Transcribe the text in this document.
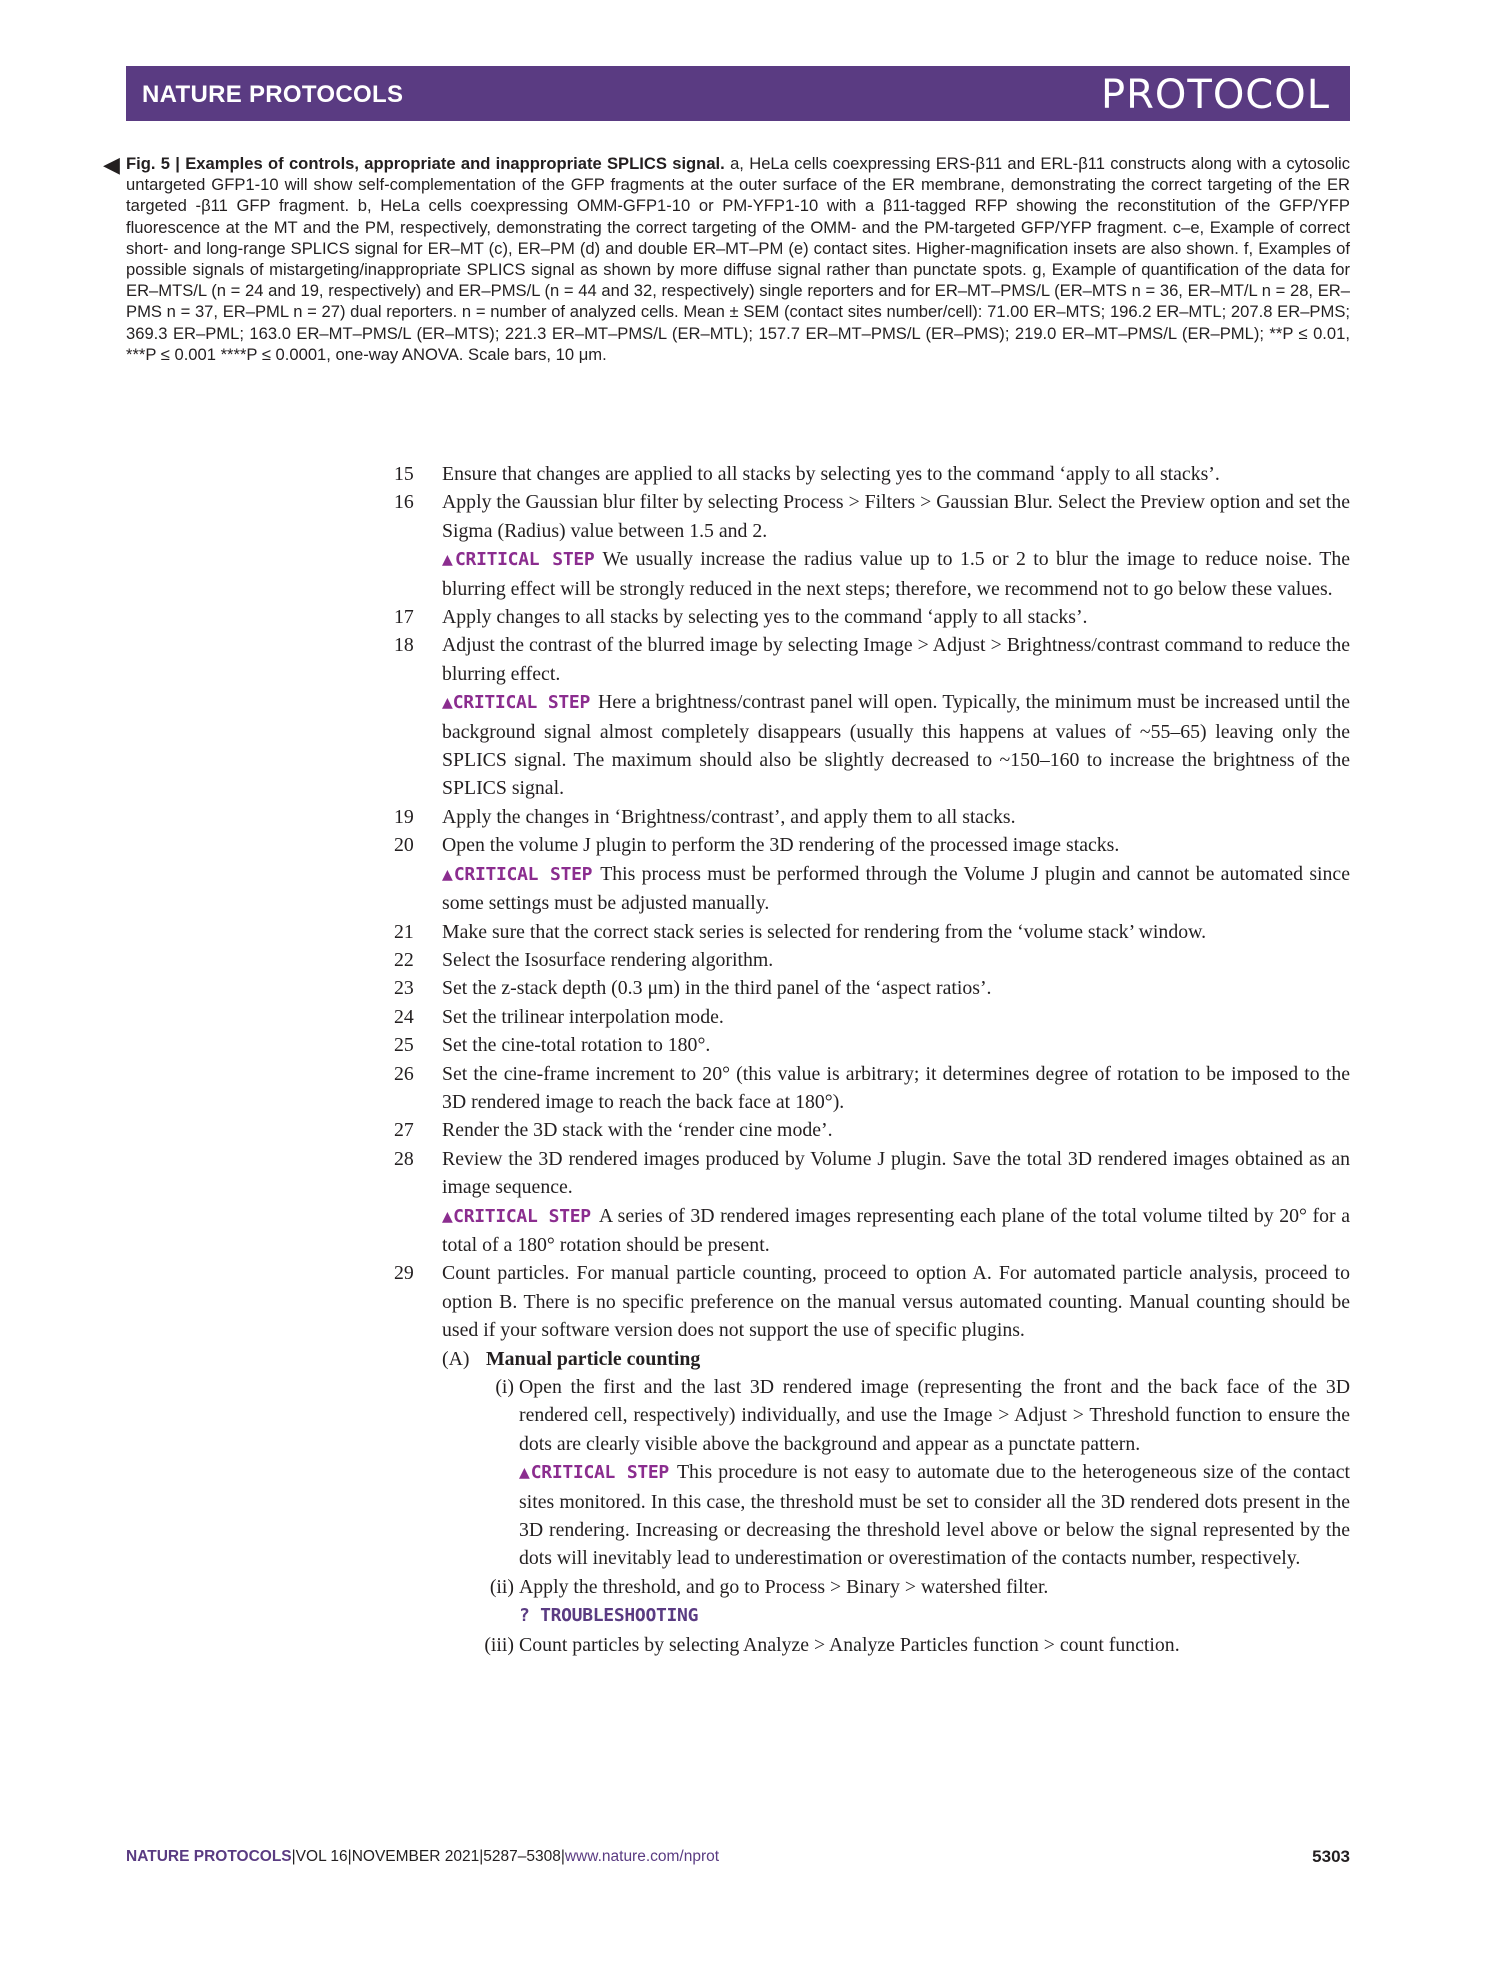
NATURE PROTOCOLS	PROTOCOL
◀ Fig. 5 | Examples of controls, appropriate and inappropriate SPLICS signal. a, HeLa cells coexpressing ERS-β11 and ERL-β11 constructs along with a cytosolic untargeted GFP1-10 will show self-complementation of the GFP fragments at the outer surface of the ER membrane, demonstrating the correct targeting of the ER targeted -β11 GFP fragment. b, HeLa cells coexpressing OMM-GFP1-10 or PM-YFP1-10 with a β11-tagged RFP showing the reconstitution of the GFP/YFP fluorescence at the MT and the PM, respectively, demonstrating the correct targeting of the OMM- and the PM-targeted GFP/YFP fragment. c–e, Example of correct short- and long-range SPLICS signal for ER–MT (c), ER–PM (d) and double ER–MT–PM (e) contact sites. Higher-magnification insets are also shown. f, Examples of possible signals of mistargeting/inappropriate SPLICS signal as shown by more diffuse signal rather than punctate spots. g, Example of quantification of the data for ER–MTS/L (n = 24 and 19, respectively) and ER–PMS/L (n = 44 and 32, respectively) single reporters and for ER–MT–PMS/L (ER–MTS n = 36, ER–MT/L n = 28, ER–PMS n = 37, ER–PML n = 27) dual reporters. n = number of analyzed cells. Mean ± SEM (contact sites number/cell): 71.00 ER–MTS; 196.2 ER–MTL; 207.8 ER–PMS; 369.3 ER–PML; 163.0 ER–MT–PMS/L (ER–MTS); 221.3 ER–MT–PMS/L (ER–MTL); 157.7 ER–MT–PMS/L (ER–PMS); 219.0 ER–MT–PMS/L (ER–PML); **P ≤ 0.01, ***P ≤ 0.001 ****P ≤ 0.0001, one-way ANOVA. Scale bars, 10 μm.
15 Ensure that changes are applied to all stacks by selecting yes to the command ‘apply to all stacks’.
16 Apply the Gaussian blur filter by selecting Process > Filters > Gaussian Blur. Select the Preview option and set the Sigma (Radius) value between 1.5 and 2.
▲CRITICAL STEP We usually increase the radius value up to 1.5 or 2 to blur the image to reduce noise. The blurring effect will be strongly reduced in the next steps; therefore, we recommend not to go below these values.
17 Apply changes to all stacks by selecting yes to the command ‘apply to all stacks’.
18 Adjust the contrast of the blurred image by selecting Image > Adjust > Brightness/contrast command to reduce the blurring effect.
▲CRITICAL STEP Here a brightness/contrast panel will open. Typically, the minimum must be increased until the background signal almost completely disappears (usually this happens at values of ~55–65) leaving only the SPLICS signal. The maximum should also be slightly decreased to ~150–160 to increase the brightness of the SPLICS signal.
19 Apply the changes in ‘Brightness/contrast’, and apply them to all stacks.
20 Open the volume J plugin to perform the 3D rendering of the processed image stacks.
▲CRITICAL STEP This process must be performed through the Volume J plugin and cannot be automated since some settings must be adjusted manually.
21 Make sure that the correct stack series is selected for rendering from the ‘volume stack’ window.
22 Select the Isosurface rendering algorithm.
23 Set the z-stack depth (0.3 μm) in the third panel of the ‘aspect ratios’.
24 Set the trilinear interpolation mode.
25 Set the cine-total rotation to 180°.
26 Set the cine-frame increment to 20° (this value is arbitrary; it determines degree of rotation to be imposed to the 3D rendered image to reach the back face at 180°).
27 Render the 3D stack with the ‘render cine mode’.
28 Review the 3D rendered images produced by Volume J plugin. Save the total 3D rendered images obtained as an image sequence.
▲CRITICAL STEP A series of 3D rendered images representing each plane of the total volume tilted by 20° for a total of a 180° rotation should be present.
29 Count particles. For manual particle counting, proceed to option A. For automated particle analysis, proceed to option B. There is no specific preference on the manual versus automated counting. Manual counting should be used if your software version does not support the use of specific plugins.
(A) Manual particle counting
(i) Open the first and the last 3D rendered image (representing the front and the back face of the 3D rendered cell, respectively) individually, and use the Image > Adjust > Threshold function to ensure the dots are clearly visible above the background and appear as a punctate pattern.
▲CRITICAL STEP This procedure is not easy to automate due to the heterogeneous size of the contact sites monitored. In this case, the threshold must be set to consider all the 3D rendered dots present in the 3D rendering. Increasing or decreasing the threshold level above or below the signal represented by the dots will inevitably lead to underestimation or overestimation of the contacts number, respectively.
(ii) Apply the threshold, and go to Process > Binary > watershed filter.
? TROUBLESHOOTING
(iii) Count particles by selecting Analyze > Analyze Particles function > count function.
NATURE PROTOCOLS|VOL 16|NOVEMBER 2021|5287–5308|www.nature.com/nprot	5303
